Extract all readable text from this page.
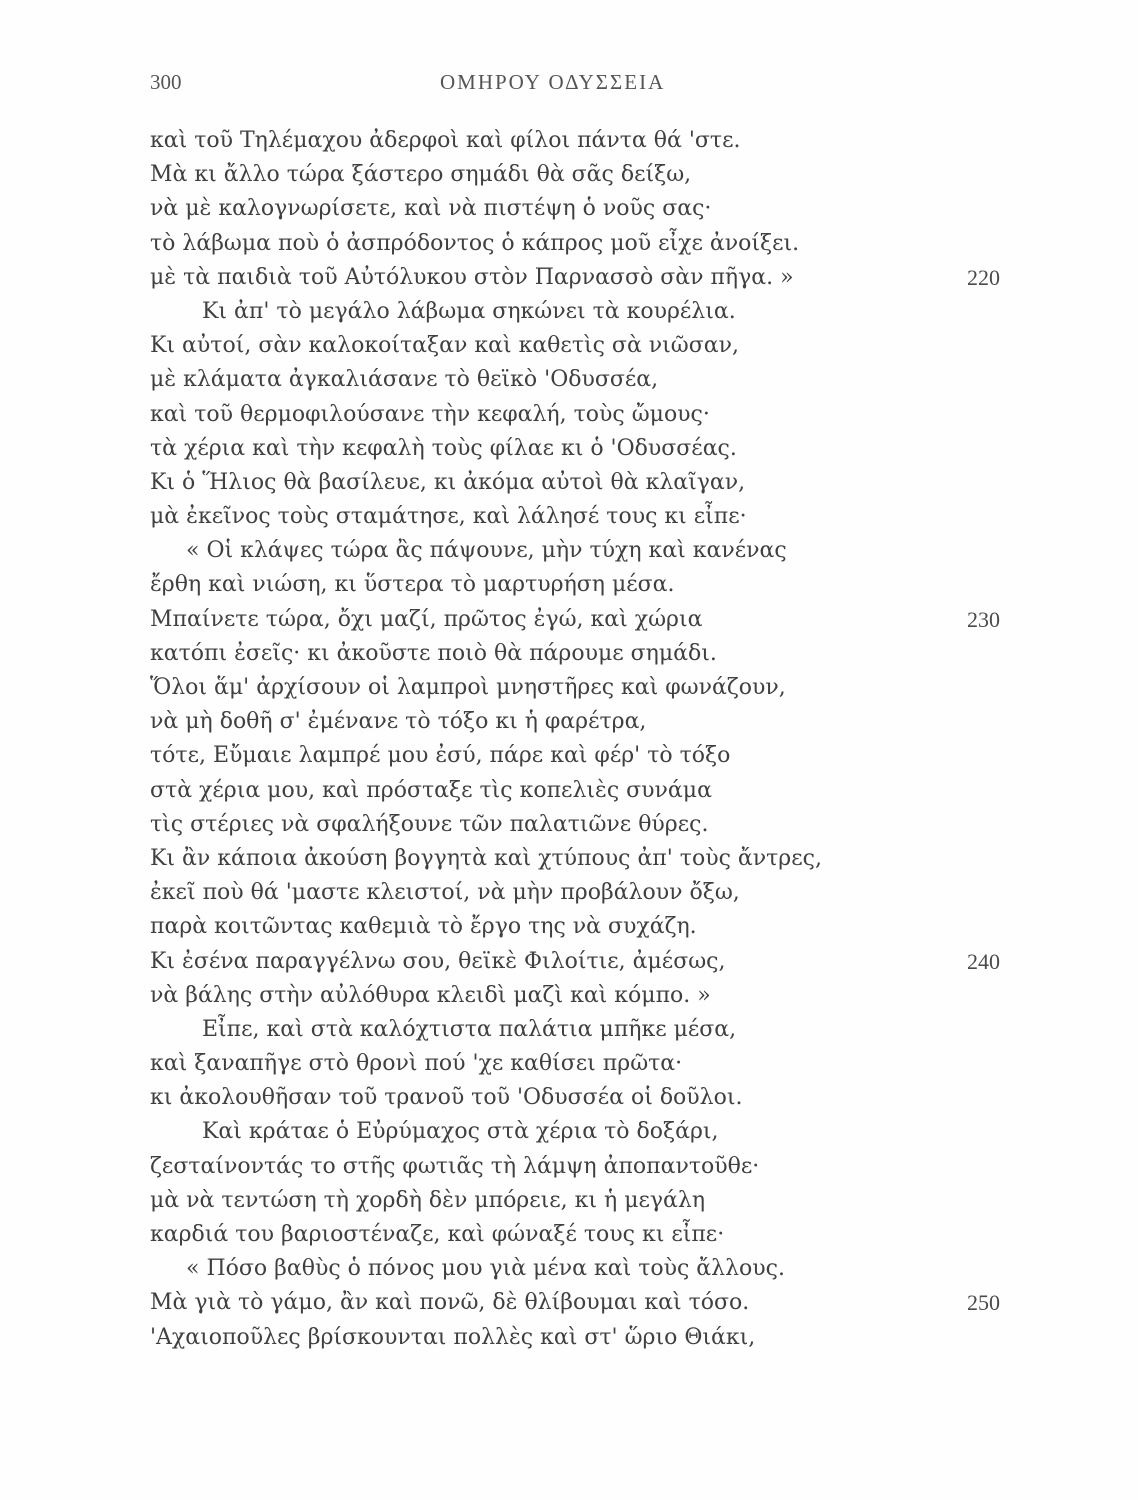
300	ΟΜΗΡΟΥ ΟΔΥΣΣΕΙΑ
καὶ τοῦ Τηλέμαχου ἀδερφοὶ καὶ φίλοι πάντα θά 'στε.
Μὰ κι ἄλλο τώρα ξάστερο σημάδι θὰ σᾶς δείξω,
νὰ μὲ καλογνωρίσετε, καὶ νὰ πιστέψη ὁ νοῦς σας·
τὸ λάβωμα ποὺ ὁ ἀσπρόδοντος ὁ κάπρος μοῦ εἶχε ἀνοίξει.
μὲ τὰ παιδιὰ τοῦ Αὐτόλυκου στὸν Παρνασσὸ σὰν πῆγα. »	220
Κι ἀπ' τὸ μεγάλο λάβωμα σηκώνει τὰ κουρέλια.
Κι αὐτοί, σὰν καλοκοίταξαν καὶ καθετὶς σὰ νιῶσαν,
μὲ κλάματα ἀγκαλιάσανε τὸ θεϊκὸ 'Οδυσσέα,
καὶ τοῦ θερμοφιλούσανε τὴν κεφαλή, τοὺς ὤμους·
τὰ χέρια καὶ τὴν κεφαλὴ τοὺς φίλαε κι ὁ 'Οδυσσέας.
Κι ὁ Ἥλιος θὰ βασίλευε, κι ἀκόμα αὐτοὶ θὰ κλαῖγαν,
μὰ ἐκεῖνος τοὺς σταμάτησε, καὶ λάλησέ τους κι εἶπε·
« Οἱ κλάψες τώρα ἂς πάψουνε, μὴν τύχη καὶ κανένας
ἔρθη καὶ νιώση, κι ὕστερα τὸ μαρτυρήση μέσα.
Μπαίνετε τώρα, ὄχι μαζί, πρῶτος ἐγώ, καὶ χώρια	230
κατόπι ἐσεῖς· κι ἀκοῦστε ποιὸ θὰ πάρουμε σημάδι.
Ὅλοι ἅμ' ἀρχίσουν οἱ λαμπροὶ μνηστῆρες καὶ φωνάζουν,
νὰ μὴ δοθῆ σ' ἐμένανε τὸ τόξο κι ἡ φαρέτρα,
τότε, Εὔμαιε λαμπρέ μου ἐσύ, πάρε καὶ φέρ' τὸ τόξο
στὰ χέρια μου, καὶ πρόσταξε τὶς κοπελιὲς συνάμα
τὶς στέριες νὰ σφαλήξουνε τῶν παλατιῶνε θύρες.
Κι ἂν κάποια ἀκούση βογγητὰ καὶ χτύπους ἀπ' τοὺς ἄντρες,
ἐκεῖ ποὺ θά 'μαστε κλειστοί, νὰ μὴν προβάλουν ὄξω,
παρὰ κοιτῶντας καθεμιὰ τὸ ἔργο της νὰ συχάζη.
Κι ἐσένα παραγγέλνω σου, θεϊκὲ Φιλοίτιε, ἀμέσως,	240
νὰ βάλης στὴν αὐλόθυρα κλειδὶ μαζὶ καὶ κόμπο. »
Εἶπε, καὶ στὰ καλόχτιστα παλάτια μπῆκε μέσα,
καὶ ξαναπῆγε στὸ θρονὶ πού 'χε καθίσει πρῶτα·
κι ἀκολουθῆσαν τοῦ τρανοῦ τοῦ 'Οδυσσέα οἱ δοῦλοι.
Καὶ κράταε ὁ Εὐρύμαχος στὰ χέρια τὸ δοξάρι,
ζεσταίνοντάς το στῆς φωτιᾶς τὴ λάμψη ἀποπαντοῦθε·
μὰ νὰ τεντώση τὴ χορδὴ δὲν μπόρειε, κι ἡ μεγάλη
καρδιά του βαριοστέναζε, καὶ φώναξέ τους κι εἶπε·
« Πόσο βαθὺς ὁ πόνος μου γιὰ μένα καὶ τοὺς ἄλλους.
Μὰ γιὰ τὸ γάμο, ἂν καὶ πονῶ, δὲ θλίβουμαι καὶ τόσο.	250
'Αχαιοποῦλες βρίσκουνται πολλὲς καὶ στ' ὥριο Θιάκι,
